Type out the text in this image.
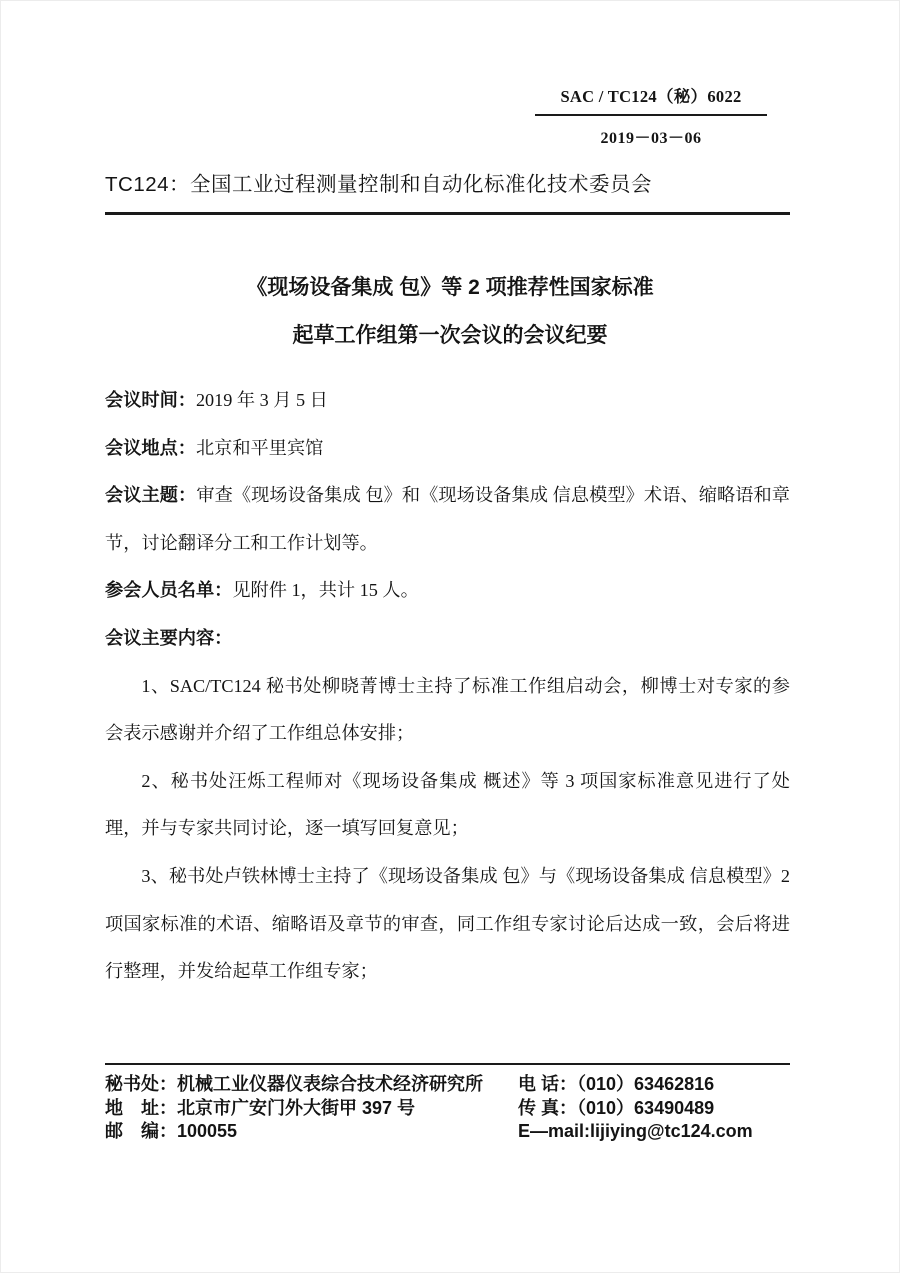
SAC / TC124（秘）6022
2019－03－06
TC124：全国工业过程测量控制和自动化标准化技术委员会
《现场设备集成 包》等 2 项推荐性国家标准
起草工作组第一次会议的会议纪要

会议时间：2019 年 3 月 5 日

会议地点：北京和平里宾馆

会议主题：审查《现场设备集成 包》和《现场设备集成 信息模型》术语、缩略语和章节，讨论翻译分工和工作计划等。

参会人员名单：见附件 1，共计 15 人。

会议主要内容：

1、SAC/TC124 秘书处柳晓菁博士主持了标准工作组启动会，柳博士对专家的参会表示感谢并介绍了工作组总体安排；

2、秘书处汪烁工程师对《现场设备集成 概述》等 3 项国家标准意见进行了处理，并与专家共同讨论，逐一填写回复意见；

3、秘书处卢铁林博士主持了《现场设备集成 包》与《现场设备集成 信息模型》2 项国家标准的术语、缩略语及章节的审查，同工作组专家讨论后达成一致，会后将进行整理，并发给起草工作组专家；

秘书处：机械工业仪器仪表综合技术经济研究所
地　址：北京市广安门外大街甲 397 号
邮　编：100055
电 话：（010）63462816
传 真：（010）63490489
E—mail:lijiying@tc124.com
